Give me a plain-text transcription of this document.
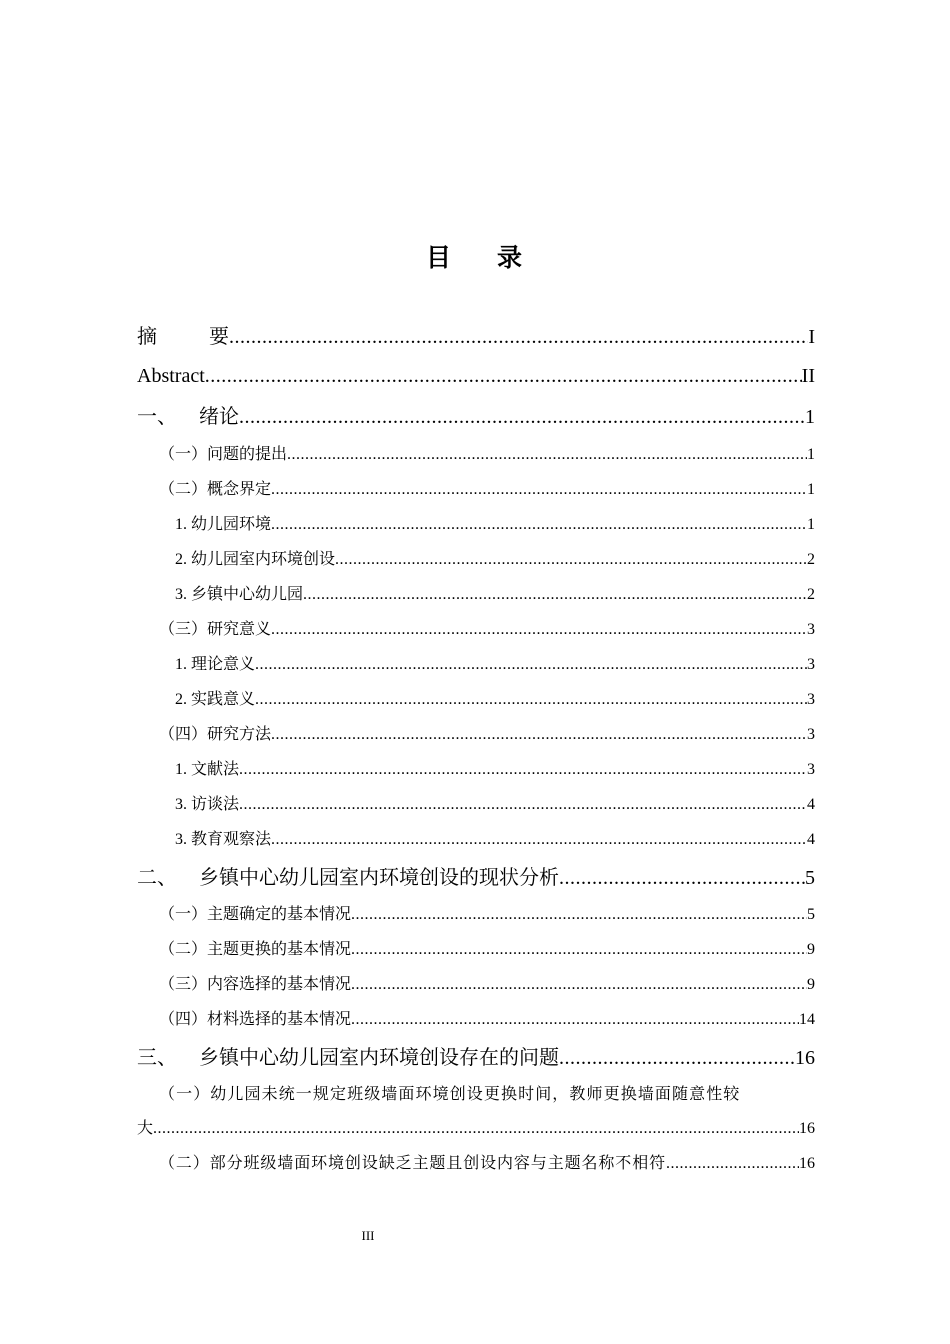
目 录
摘	要 .....	I
Abstract .....	II
一、 绪论 .....	1
（一）问题的提出 .....	1
（二）概念界定 .....	1
1. 幼儿园环境 .....	1
2. 幼儿园室内环境创设 .....	2
3. 乡镇中心幼儿园 .....	2
（三）研究意义 .....	3
1. 理论意义 .....	3
2. 实践意义 .....	3
（四）研究方法 .....	3
1. 文献法 .....	3
3. 访谈法 .....	4
3. 教育观察法 .....	4
二、 乡镇中心幼儿园室内环境创设的现状分析 .....	5
（一）主题确定的基本情况 .....	5
（二）主题更换的基本情况 .....	9
（三）内容选择的基本情况 .....	9
（四）材料选择的基本情况 .....	14
三、 乡镇中心幼儿园室内环境创设存在的问题 .....	16
（一）幼儿园未统一规定班级墙面环境创设更换时间，教师更换墙面随意性较
大 .....	16
（二）部分班级墙面环境创设缺乏主题且创设内容与主题名称不相符 .....	16
III
